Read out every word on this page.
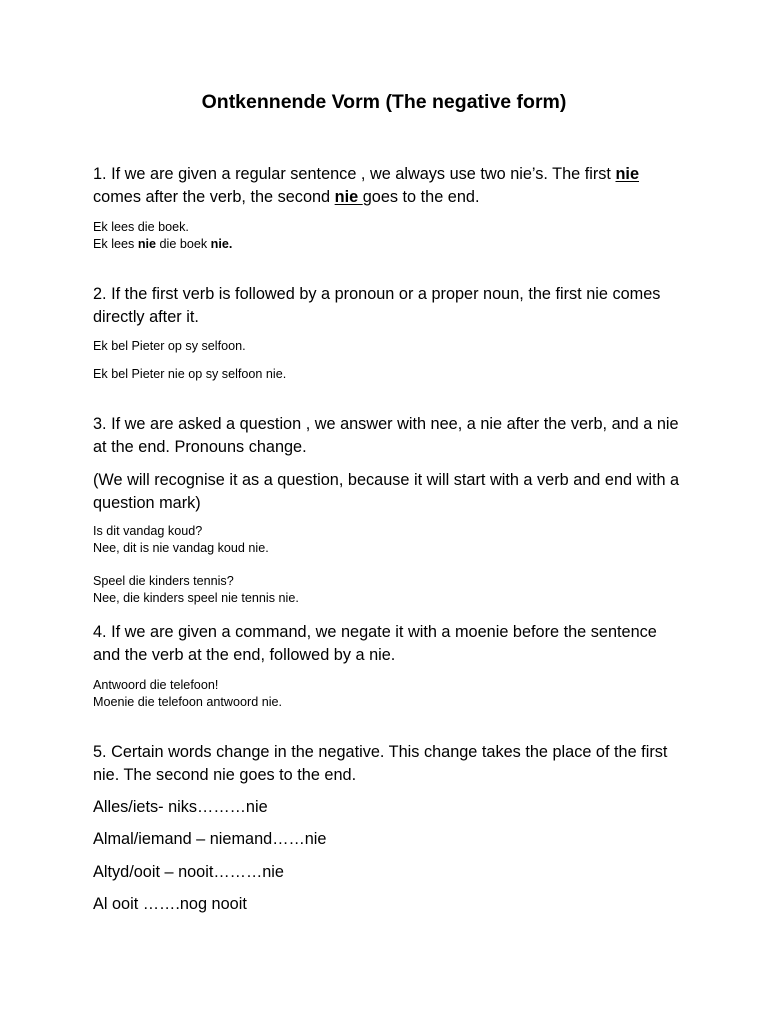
Ontkennende Vorm (The negative form)

1. If we are given a regular sentence , we always use two nie’s. The first nie
comes after the verb, the second nie goes to the end.

Ek lees die boek.

Ek lees nie die boek nie.

2. If the first verb is followed by a pronoun or a proper noun, the first nie comes directly after it.

Ek bel Pieter op sy selfoon.

Ek bel Pieter nie op sy selfoon nie.

3. If we are asked a question , we answer with nee, a nie after the verb, and a nie at the end. Pronouns change.

(We will recognise it as a question, because it will start with a verb and end with a question mark)

Is dit vandag koud?

Nee, dit is nie vandag koud nie.

Speel die kinders tennis?

Nee, die kinders speel nie tennis nie.

4. If we are given a command, we negate it with a moenie before the sentence and the verb at the end, followed by a nie.

Antwoord die telefoon!

Moenie die telefoon antwoord nie.

5. Certain words change in the negative. This change takes the place of the first nie. The second nie goes to the end.

Alles/iets- niks………nie

Almal/iemand – niemand……nie

Altyd/ooit – nooit………nie

Al ooit …….nog nooit
